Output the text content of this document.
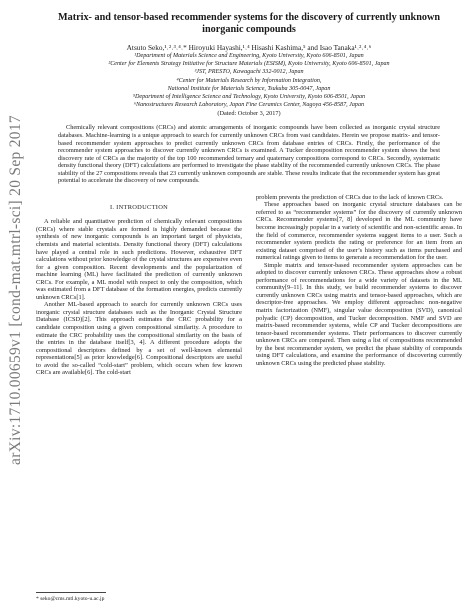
arXiv:1710.00659v1 [cond-mat.mtrl-sci] 20 Sep 2017
Matrix- and tensor-based recommender systems for the discovery of currently unknown inorganic compounds
Atsuto Seko,¹˒²˒³˒⁴˒* Hiroyuki Hayashi,¹˒⁴ Hisashi Kashima,⁵ and Isao Tanaka¹˒²˒⁴˒⁶
¹Department of Materials Science and Engineering, Kyoto University, Kyoto 606-8501, Japan
²Center for Elements Strategy Initiative for Structure Materials (ESISM), Kyoto University, Kyoto 606-8501, Japan
³JST, PRESTO, Kawaguchi 332-0012, Japan
⁴Center for Materials Research by Information Integration,
National Institute for Materials Science, Tsukuba 305-0047, Japan
⁵Department of Intelligence Science and Technology, Kyoto University, Kyoto 606-8501, Japan
⁶Nanostructures Research Laboratory, Japan Fine Ceramics Center, Nagoya 456-8587, Japan
(Dated: October 3, 2017)
Chemically relevant compositions (CRCs) and atomic arrangements of inorganic compounds have been collected as inorganic crystal structure databases. Machine-learning is a unique approach to search for currently unknown CRCs from vast candidates. Herein we propose matrix- and tensor-based recommender system approaches to predict currently unknown CRCs from database entries of CRCs. Firstly, the performance of the recommender system approaches to discover currently unknown CRCs is examined. A Tucker decomposition recommender system shows the best discovery rate of CRCs as the majority of the top 100 recommended ternary and quaternary compositions correspond to CRCs. Secondly, systematic density functional theory (DFT) calculations are performed to investigate the phase stability of the recommended currently unknown CRCs. The phase stability of the 27 compositions reveals that 23 currently unknown compounds are stable. These results indicate that the recommender system has great potential to accelerate the discovery of new compounds.
I. INTRODUCTION

A reliable and quantitative prediction of chemically relevant compositions (CRCs) where stable crystals are formed is highly demanded because the synthesis of new inorganic compounds is an important target of physicists, chemists and material scientists. Density functional theory (DFT) calculations have played a central role in such predictions. However, exhaustive DFT calculations without prior knowledge of the crystal structures are expensive even for a given composition. Recent developments and the popularization of machine learning (ML) have facilitated the prediction of currently unknown CRCs. For example, a ML model with respect to only the composition, which was estimated from a DFT database of the formation energies, predicts currently unknown CRCs[1].

Another ML-based approach to search for currently unknown CRCs uses inorganic crystal structure databases such as the Inorganic Crystal Structure Database (ICSD)[2]. This approach estimates the CRC probability for a candidate composition using a given compositional similarity. A procedure to estimate the CRC probability uses the compositional similarity on the basis of the entries in the database itself[3, 4]. A different procedure adopts the compositional descriptors defined by a set of well-known elemental representations[5] as prior knowledge[6]. Compositional descriptors are useful to avoid the so-called “cold-start” problem, which occurs when few known CRCs are available[6]. The cold-start

problem prevents the prediction of CRCs due to the lack of known CRCs.

These approaches based on inorganic crystal structure databases can be referred to as “recommender systems” for the discovery of currently unknown CRCs. Recommender systems[7, 8] developed in the ML community have become increasingly popular in a variety of scientific and non-scientific areas. In the field of commerce, recommender systems suggest items to a user. Such a recommender system predicts the rating or preference for an item from an existing dataset comprised of the user’s history such as items purchased and numerical ratings given to items to generate a recommendation for the user.

Simple matrix and tensor-based recommender system approaches can be adopted to discover currently unknown CRCs. These approaches show a robust performance of recommendations for a wide variety of datasets in the ML community[9–11]. In this study, we build recommender systems to discover currently unknown CRCs using matrix and tensor-based approaches, which are descriptor-free approaches. We employ different approaches: non-negative matrix factorization (NMF), singular value decomposition (SVD), canonical polyadic (CP) decomposition, and Tucker decomposition. NMF and SVD are matrix-based recommender systems, while CP and Tucker decompositions are tensor-based recommender systems. Their performances to discover currently unknown CRCs are compared. Then using a list of compositions recommended by the best recommender system, we predict the phase stability of compounds using DFT calculations, and examine the performance of discovering currently unknown CRCs using the predicted phase stability.

* seko@cms.mtl.kyoto-u.ac.jp
